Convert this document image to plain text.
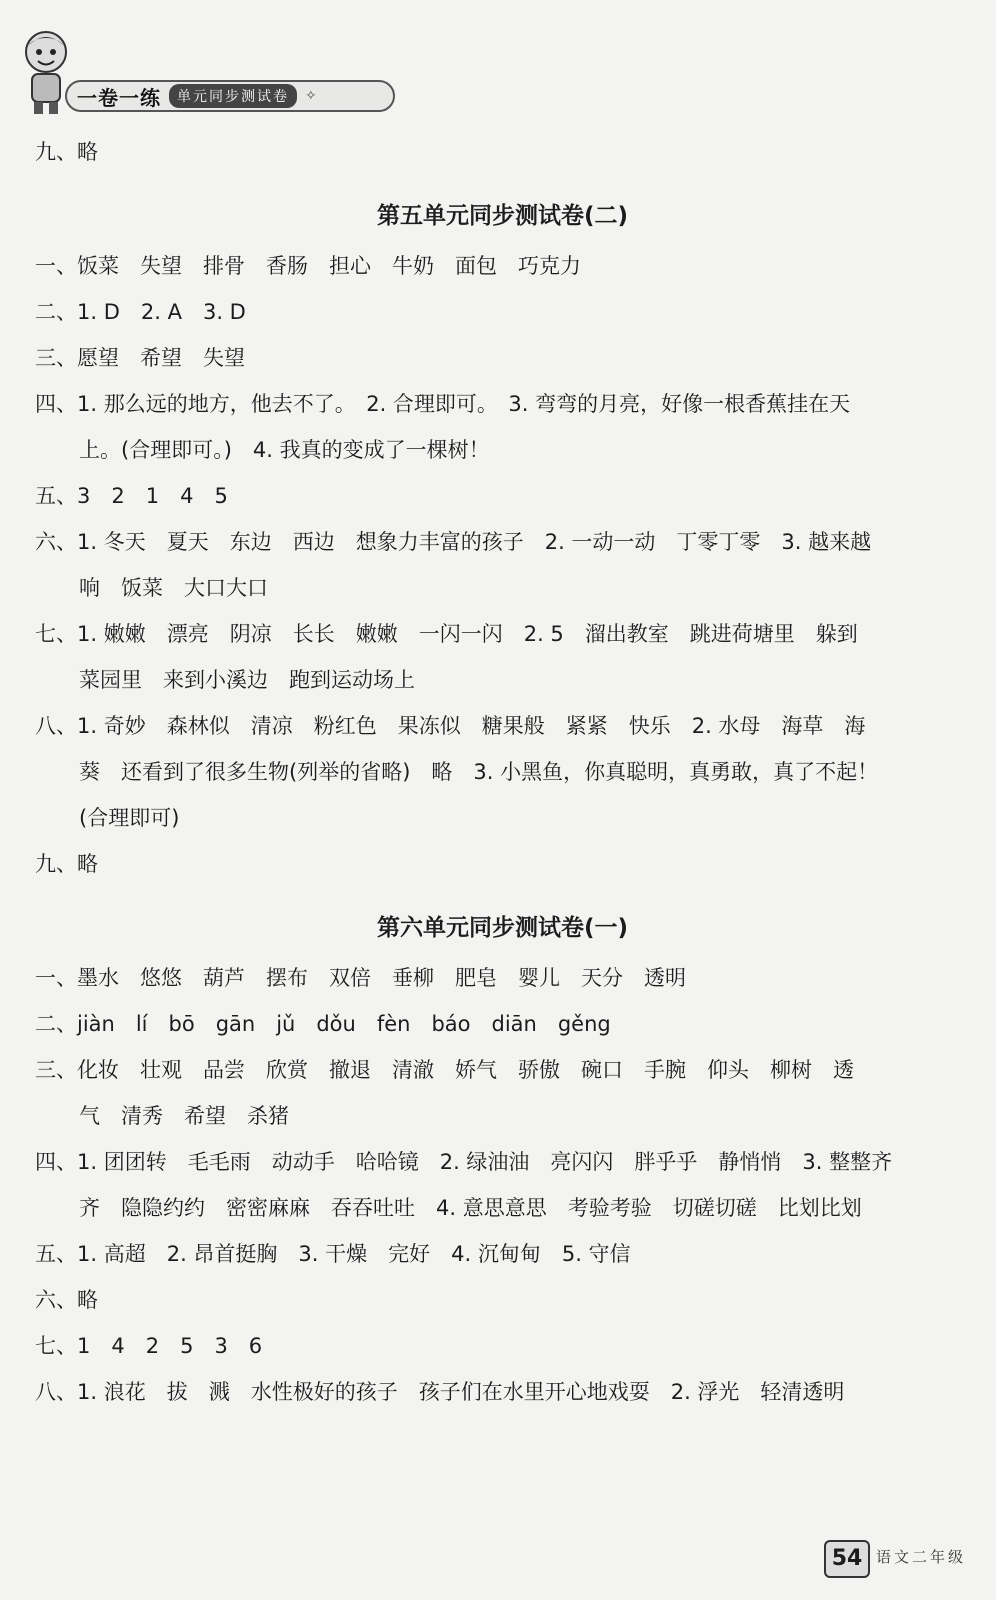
一卷一练	单元同步测试卷	✧
九、略
第五单元同步测试卷(二)
一、饭菜　失望　排骨　香肠　担心　牛奶　面包　巧克力
二、1. D　2. A　3. D
三、愿望　希望　失望
四、1. 那么远的地方，他去不了。　2. 合理即可。　3. 弯弯的月亮，好像一根香蕉挂在天
上。(合理即可。)　4. 我真的变成了一棵树！
五、3　2　1　4　5
六、1. 冬天　夏天　东边　西边　想象力丰富的孩子　2. 一动一动　丁零丁零　3. 越来越
响　饭菜　大口大口
七、1. 嫩嫩　漂亮　阴凉　长长　嫩嫩　一闪一闪　2. 5　溜出教室　跳进荷塘里　躲到
菜园里　来到小溪边　跑到运动场上
八、1. 奇妙　森林似　清凉　粉红色　果冻似　糖果般　紧紧　快乐　2. 水母　海草　海
葵　还看到了很多生物(列举的省略)　略　3. 小黑鱼，你真聪明，真勇敢，真了不起！
(合理即可)
九、略
第六单元同步测试卷(一)
一、墨水　悠悠　葫芦　摆布　双倍　垂柳　肥皂　婴儿　天分　透明
二、jiàn　lí　bō　gān　jǔ　dǒu　fèn　báo　diān　gěng
三、化妆　壮观　品尝　欣赏　撤退　清澈　娇气　骄傲　碗口　手腕　仰头　柳树　透
气　清秀　希望　杀猪
四、1. 团团转　毛毛雨　动动手　哈哈镜　2. 绿油油　亮闪闪　胖乎乎　静悄悄　3. 整整齐
齐　隐隐约约　密密麻麻　吞吞吐吐　4. 意思意思　考验考验　切磋切磋　比划比划
五、1. 高超　2. 昂首挺胸　3. 干燥　完好　4. 沉甸甸　5. 守信
六、略
七、1　4　2　5　3　6
八、1. 浪花　拔　溅　水性极好的孩子　孩子们在水里开心地戏耍　2. 浮光　轻清透明
54 语文二年级
